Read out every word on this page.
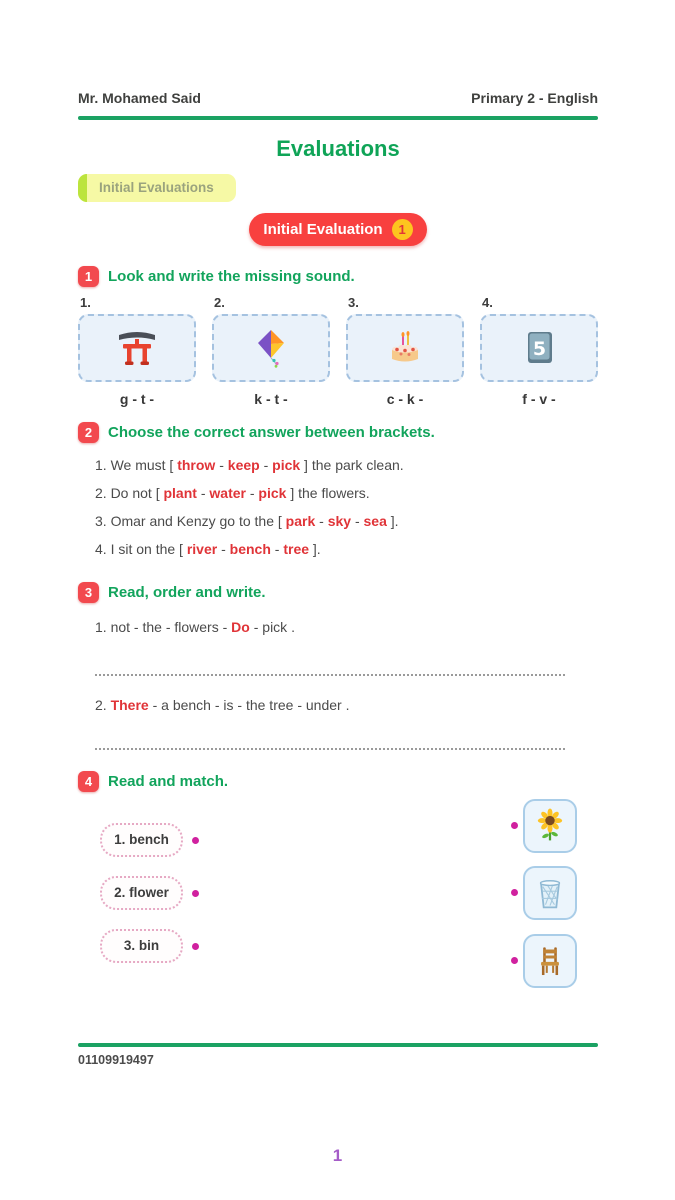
Mr. Mohamed Said	Primary 2 - English
Evaluations
Initial Evaluations
Initial Evaluation	1
1	Look and write the missing sound.
1.	2.	3.	4.
5
g - t -	k - t -	c - k -	f - v -
2	Choose the correct answer between brackets.
1. We must [ throw - keep - pick ] the park clean.
2. Do not [ plant - water - pick ] the flowers.
3. Omar and Kenzy go to the [ park - sky - sea ].
4. I sit on the [ river - bench - tree ].
3	Read, order and write.
1. not - the - flowers - Do - pick .
2. There - a bench - is - the tree - under .
4	Read and match.
1. bench
2. flower
3. bin
01109919497
1
